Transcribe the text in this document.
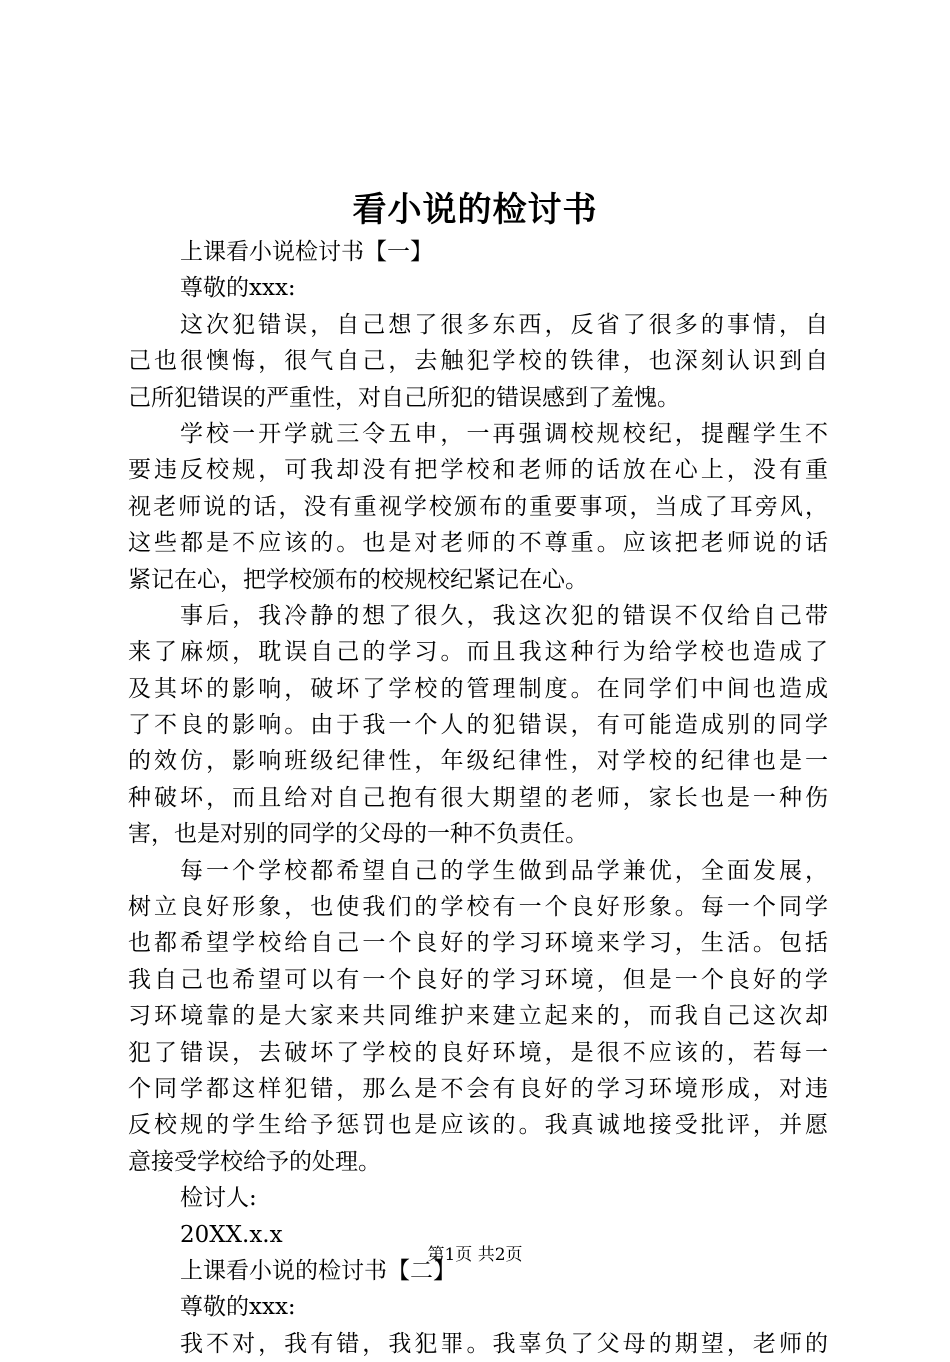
看小说的检讨书
上课看小说检讨书【一】
尊敬的xxx:
这次犯错误，自己想了很多东西，反省了很多的事情，自
己也很懊悔，很气自己，去触犯学校的铁律，也深刻认识到自
己所犯错误的严重性，对自己所犯的错误感到了羞愧。
学校一开学就三令五申，一再强调校规校纪，提醒学生不
要违反校规，可我却没有把学校和老师的话放在心上，没有重
视老师说的话，没有重视学校颁布的重要事项，当成了耳旁风，
这些都是不应该的。也是对老师的不尊重。应该把老师说的话
紧记在心，把学校颁布的校规校纪紧记在心。
事后，我冷静的想了很久，我这次犯的错误不仅给自己带
来了麻烦，耽误自己的学习。而且我这种行为给学校也造成了
及其坏的影响，破坏了学校的管理制度。在同学们中间也造成
了不良的影响。由于我一个人的犯错误，有可能造成别的同学
的效仿，影响班级纪律性，年级纪律性，对学校的纪律也是一
种破坏，而且给对自己抱有很大期望的老师，家长也是一种伤
害，也是对别的同学的父母的一种不负责任。
每一个学校都希望自己的学生做到品学兼优，全面发展，
树立良好形象，也使我们的学校有一个良好形象。每一个同学
也都希望学校给自己一个良好的学习环境来学习，生活。包括
我自己也希望可以有一个良好的学习环境，但是一个良好的学
习环境靠的是大家来共同维护来建立起来的，而我自己这次却
犯了错误，去破坏了学校的良好环境，是很不应该的，若每一
个同学都这样犯错，那么是不会有良好的学习环境形成，对违
反校规的学生给予惩罚也是应该的。我真诚地接受批评，并愿
意接受学校给予的处理。
检讨人:
20XX.x.x
上课看小说的检讨书【二】
尊敬的xxx:
我不对，我有错，我犯罪。我辜负了父母的期望，老师的
第1页 共2页
